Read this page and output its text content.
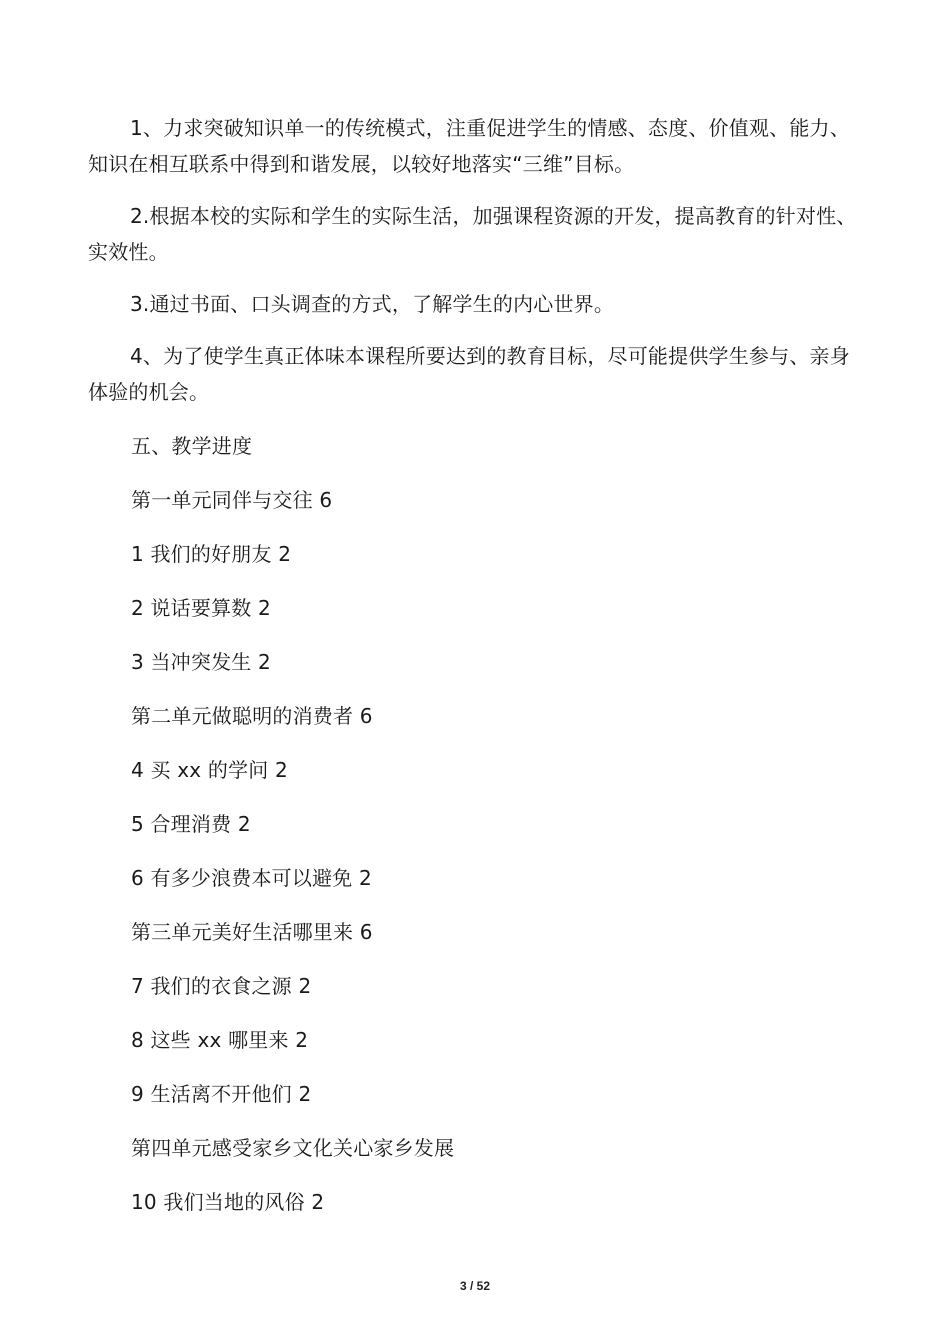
1、力求突破知识单一的传统模式，注重促进学生的情感、态度、价值观、能力、知识在相互联系中得到和谐发展，以较好地落实“三维”目标。

2.根据本校的实际和学生的实际生活，加强课程资源的开发，提高教育的针对性、实效性。

3.通过书面、口头调查的方式，了解学生的内心世界。

4、为了使学生真正体味本课程所要达到的教育目标，尽可能提供学生参与、亲身体验的机会。

五、教学进度

第一单元同伴与交往 6

1 我们的好朋友 2

2 说话要算数 2

3 当冲突发生 2

第二单元做聪明的消费者 6

4 买 xx 的学问 2

5 合理消费 2

6 有多少浪费本可以避免 2

第三单元美好生活哪里来 6

7 我们的衣食之源 2

8 这些 xx 哪里来 2

9 生活离不开他们 2

第四单元感受家乡文化关心家乡发展

10 我们当地的风俗 2

3 / 52
